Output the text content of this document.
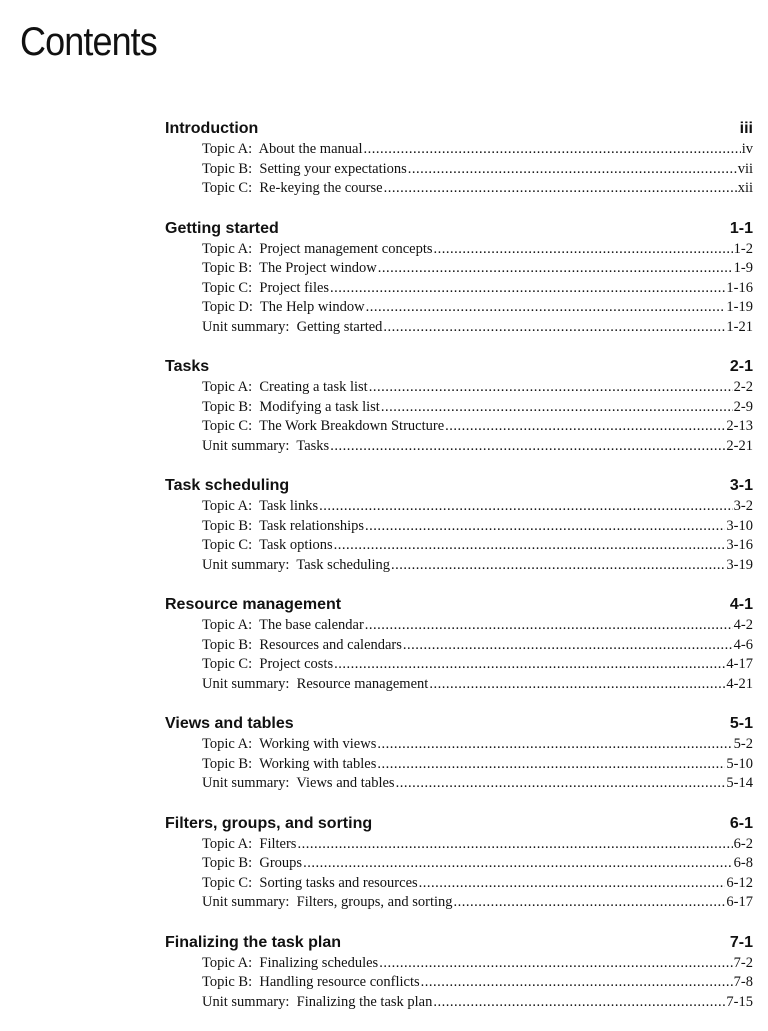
Contents
Introduction	iii
Topic A:  About the manual .....	iv
Topic B:  Setting your expectations .....	vii
Topic C:  Re-keying the course .....	xii
Getting started	1-1
Topic A:  Project management concepts .....	1-2
Topic B:  The Project window .....	1-9
Topic C:  Project files .....	1-16
Topic D:  The Help window .....	1-19
Unit summary:  Getting started .....	1-21
Tasks	2-1
Topic A:  Creating a task list .....	2-2
Topic B:  Modifying a task list .....	2-9
Topic C:  The Work Breakdown Structure .....	2-13
Unit summary:  Tasks .....	2-21
Task scheduling	3-1
Topic A:  Task links .....	3-2
Topic B:  Task relationships .....	3-10
Topic C:  Task options .....	3-16
Unit summary:  Task scheduling .....	3-19
Resource management	4-1
Topic A:  The base calendar .....	4-2
Topic B:  Resources and calendars .....	4-6
Topic C:  Project costs .....	4-17
Unit summary:  Resource management .....	4-21
Views and tables	5-1
Topic A:  Working with views .....	5-2
Topic B:  Working with tables .....	5-10
Unit summary:  Views and tables .....	5-14
Filters, groups, and sorting	6-1
Topic A:  Filters .....	6-2
Topic B:  Groups .....	6-8
Topic C:  Sorting tasks and resources .....	6-12
Unit summary:  Filters, groups, and sorting .....	6-17
Finalizing the task plan	7-1
Topic A:  Finalizing schedules .....	7-2
Topic B:  Handling resource conflicts .....	7-8
Unit summary:  Finalizing the task plan .....	7-15
